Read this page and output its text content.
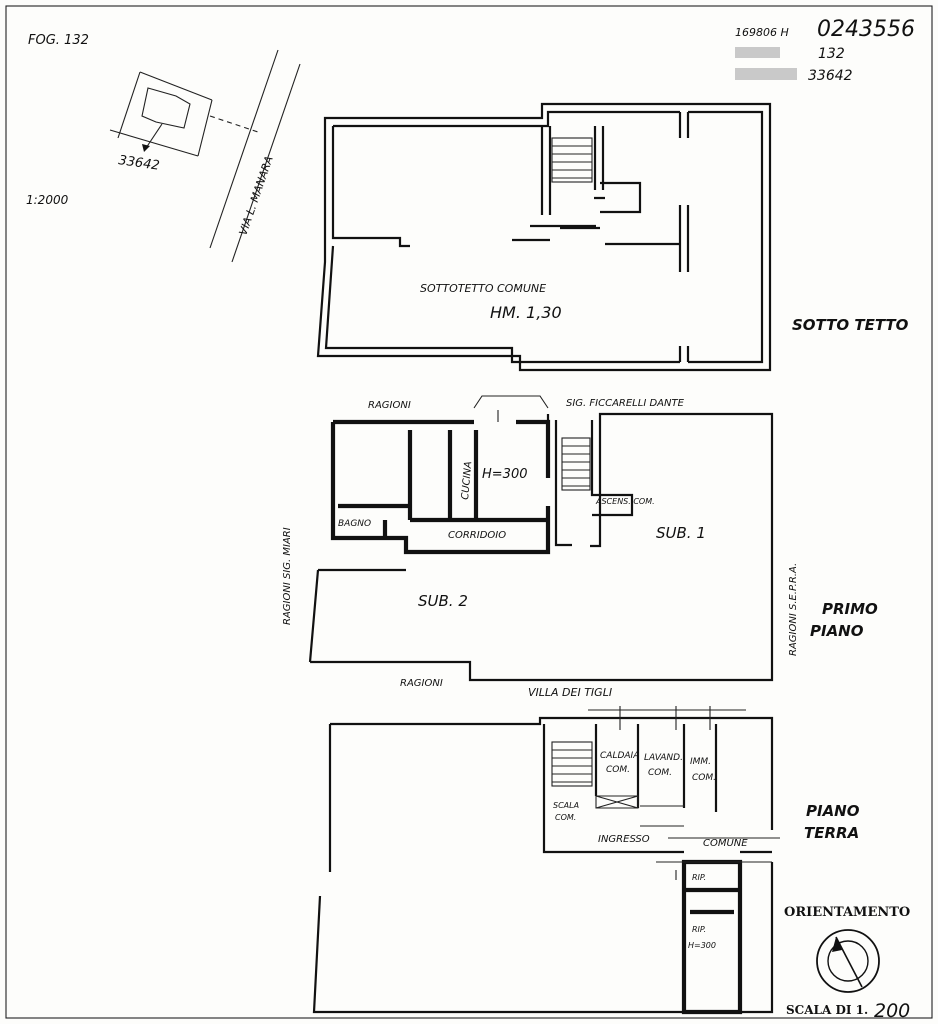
FOG. 132
169806 H 0243556
132
33642
33642	VIA L. MANARA
1:2000
SOTTOTETTO COMUNE
HM. 1,30
SOTTO TETTO
RAGIONI	SIG. FICCARELLI DANTE
RAGIONI SIG. MIARI	RAGIONI S.E.P.R.A.
RAGIONI
VILLA DEI TIGLI
CUCINA H=300
BAGNO
CORRIDOIO
ASCENS. COM.
SUB. 1
SUB. 2	PRIMO
PIANO
CALDAIA
COM.
LAVAND.
COM.
IMM.
COM.
SCALA
COM.
INGRESSO	COMUNE
RIP.
RIP.
H=300
PIANO
TERRA
ORIENTAMENTO
SCALA DI 1. 200
